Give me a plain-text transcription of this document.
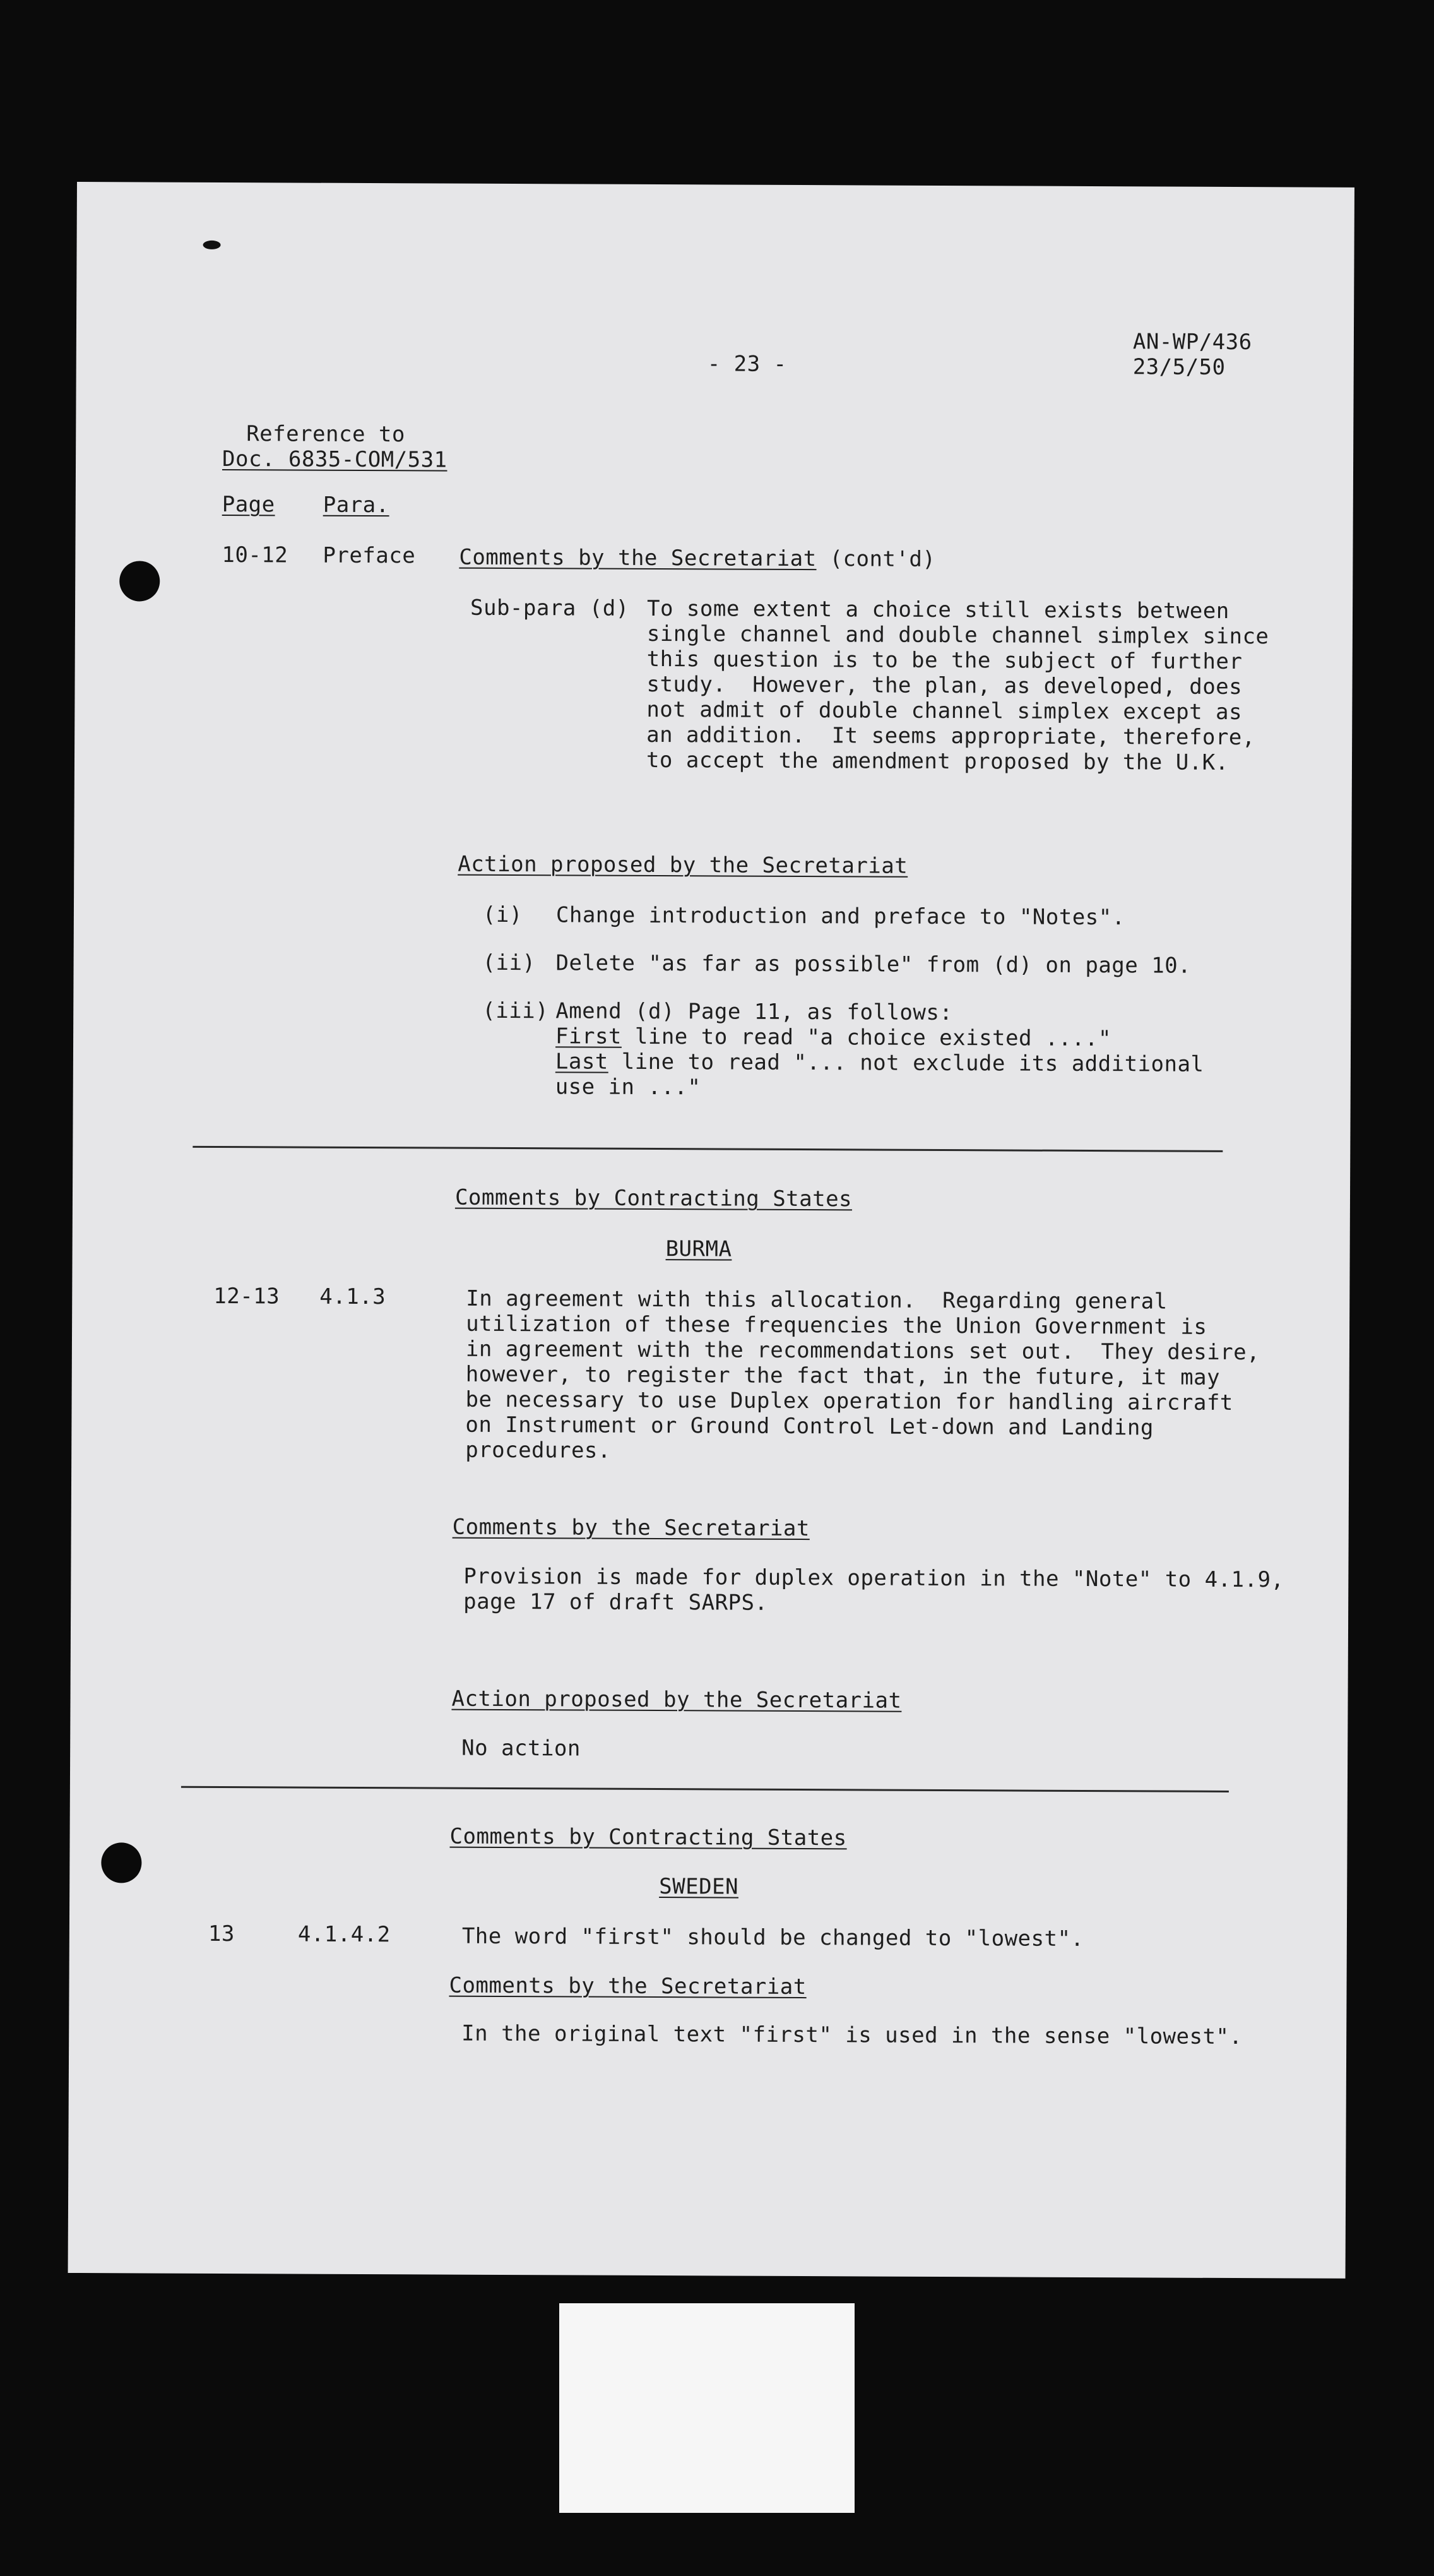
- 23 -
AN-WP/436
23/5/50
Reference to
Doc. 6835-COM/531
Page Para.
10-12 Preface Comments by the Secretariat (cont'd)
Sub-para (d) To some extent a choice still exists between
single channel and double channel simplex since
this question is to be the subject of further
study.  However, the plan, as developed, does
not admit of double channel simplex except as
an addition.  It seems appropriate, therefore,
to accept the amendment proposed by the U.K.
Action proposed by the Secretariat
(i) Change introduction and preface to "Notes".
(ii) Delete "as far as possible" from (d) on page 10.
(iii) Amend (d) Page 11, as follows:
First line to read "a choice existed ...."
Last line to read "... not exclude its additional
use in ..."
Comments by Contracting States
BURMA
12-13 4.1.3	In agreement with this allocation.  Regarding general
utilization of these frequencies the Union Government is
in agreement with the recommendations set out.  They desire,
however, to register the fact that, in the future, it may
be necessary to use Duplex operation for handling aircraft
on Instrument or Ground Control Let-down and Landing
procedures.
Comments by the Secretariat
Provision is made for duplex operation in the "Note" to 4.1.9,
page 17 of draft SARPS.
Action proposed by the Secretariat
No action
Comments by Contracting States
SWEDEN
13	4.1.4.2	The word "first" should be changed to "lowest".
Comments by the Secretariat
In the original text "first" is used in the sense "lowest".
